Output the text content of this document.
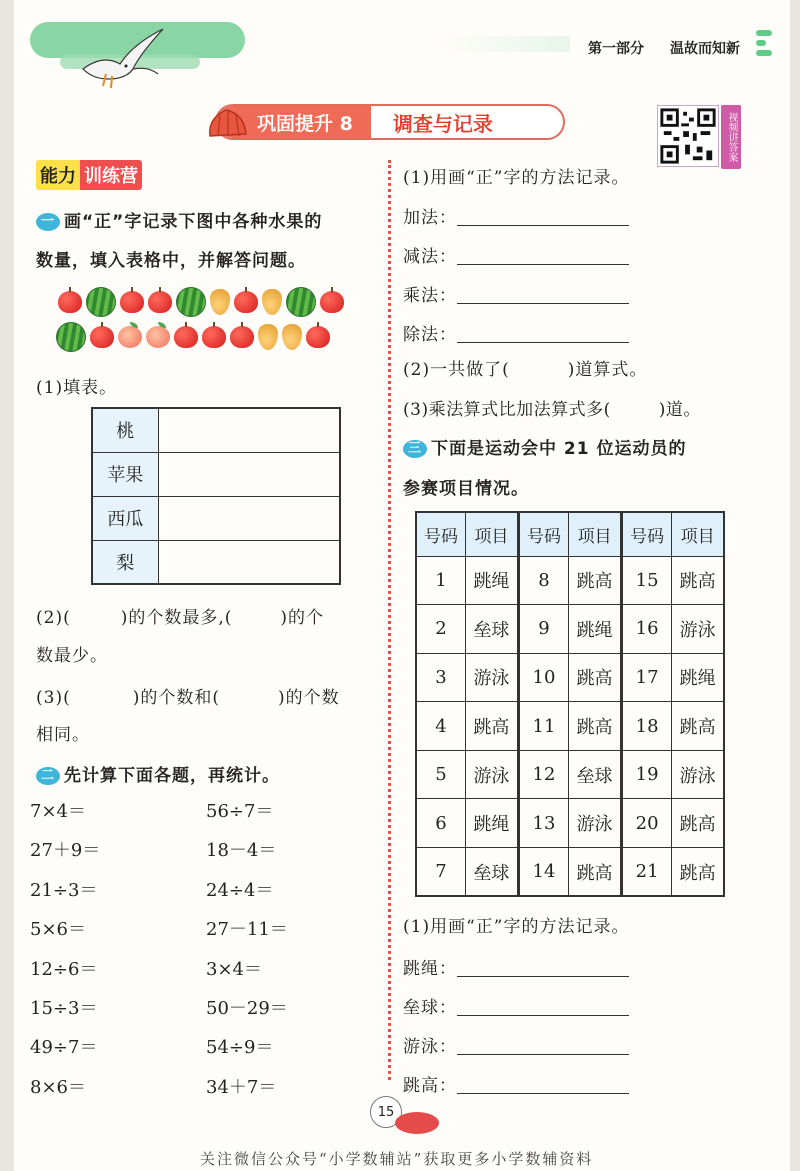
第一部分 温故而知新
巩固提升 8	调查与记录	视频讲答案
能力 训练营
一 画“正”字记录下图中各种水果的
数量，填入表格中，并解答问题。
(1)填表。
桃	
苹果	
西瓜	
梨	
(2)(	)的个数最多,(	)的个
数最少。
(3)(	)的个数和(	)的个数
相同。
二 先计算下面各题，再统计。
7×4＝
27＋9＝
21÷3＝
5×6＝
12÷6＝
15÷3＝
49÷7＝
8×6＝
56÷7＝
18－4＝
24÷4＝
27－11＝
3×4＝
50－29＝
54÷9＝
34＋7＝
(1)用画“正”字的方法记录。
加法：
减法：
乘法：
除法：
(2)一共做了(	)道算式。
(3)乘法算式比加法算式多(	)道。
三 下面是运动会中 21 位运动员的
参赛项目情况。
号码	项目	号码	项目	号码	项目
1	跳绳	8	跳高	15	跳高
2	垒球	9	跳绳	16	游泳
3	游泳	10	跳高	17	跳绳
4	跳高	11	跳高	18	跳高
5	游泳	12	垒球	19	游泳
6	跳绳	13	游泳	20	跳高
7	垒球	14	跳高	21	跳高
(1)用画“正”字的方法记录。
跳绳：
垒球：
游泳：
跳高：
15
关注微信公众号“小学数辅站”获取更多小学数辅资料
